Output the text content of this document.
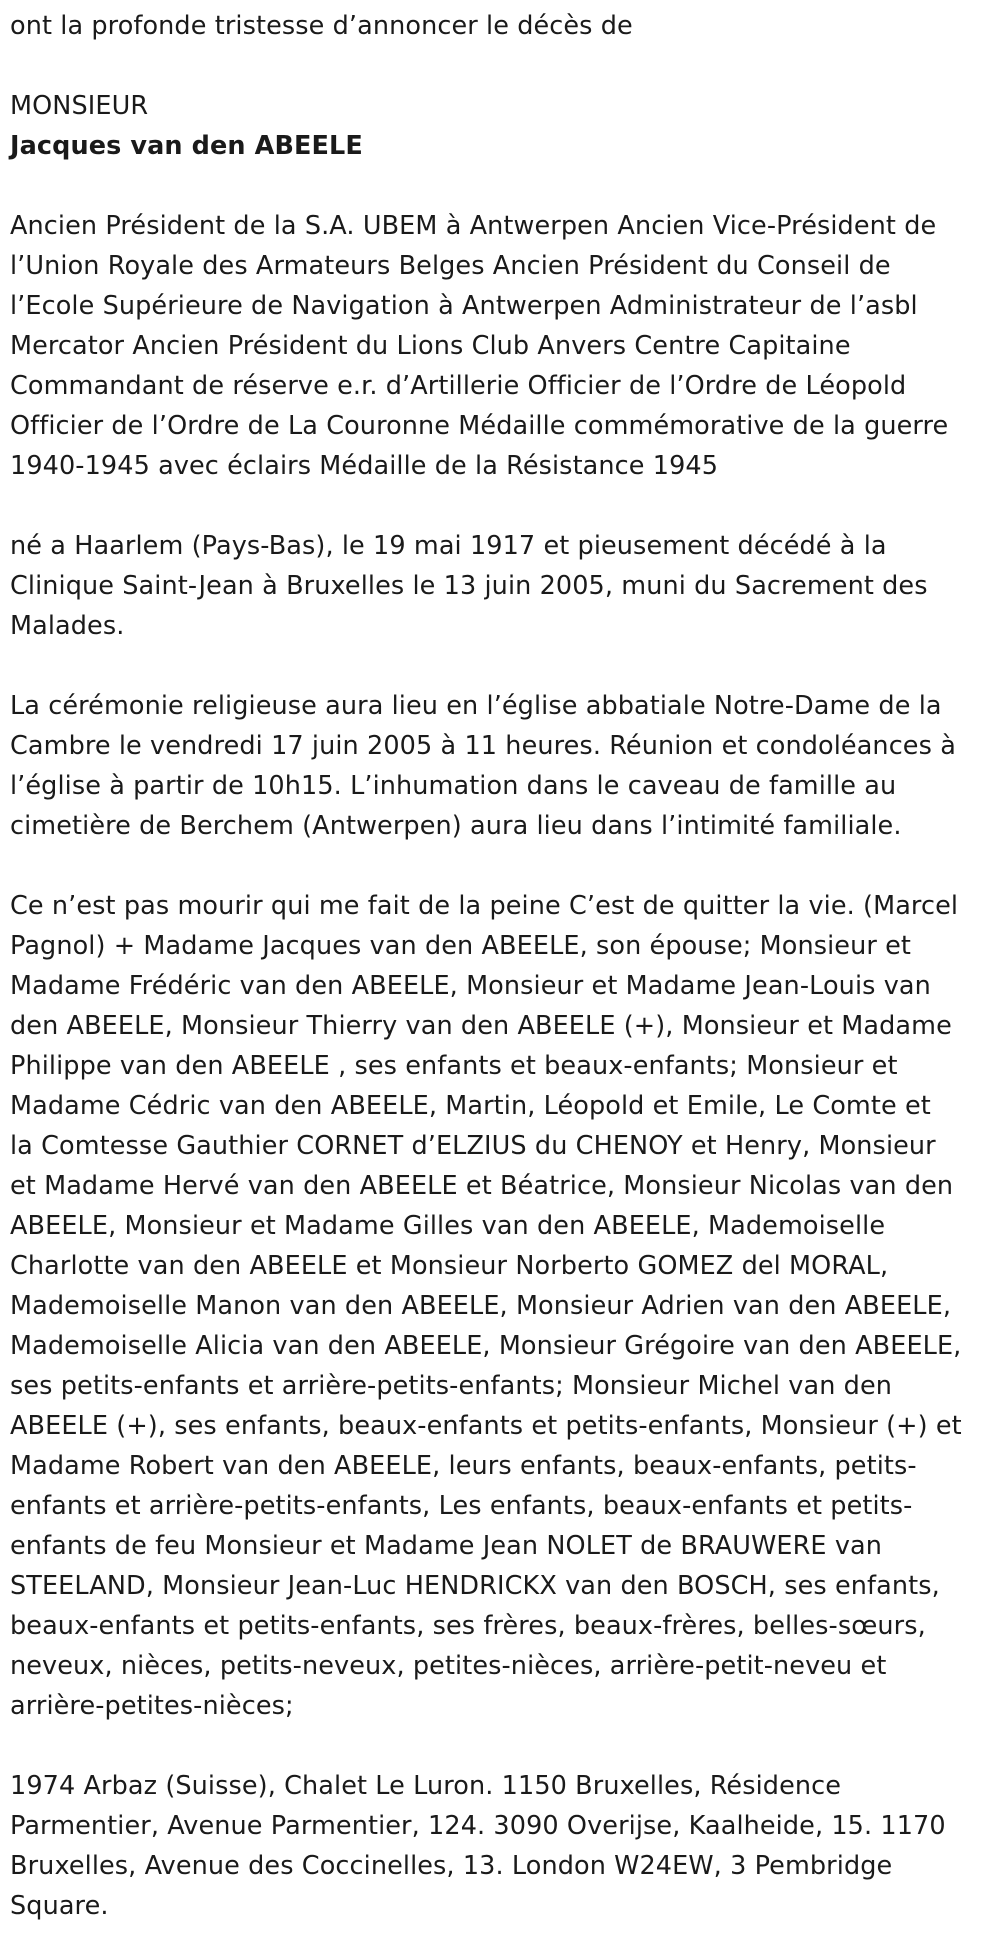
ont la profonde tristesse d’annoncer le décès de

MONSIEUR

Jacques van den ABEELE

Ancien Président de la S.A. UBEM à Antwerpen Ancien Vice-Président de
l’Union Royale des Armateurs Belges Ancien Président du Conseil de
l’Ecole Supérieure de Navigation à Antwerpen Administrateur de l’asbl
Mercator Ancien Président du Lions Club Anvers Centre Capitaine
Commandant de réserve e.r. d’Artillerie Officier de l’Ordre de Léopold
Officier de l’Ordre de La Couronne Médaille commémorative de la guerre
1940-1945 avec éclairs Médaille de la Résistance 1945

né a Haarlem (Pays-Bas), le 19 mai 1917 et pieusement décédé à la
Clinique Saint-Jean à Bruxelles le 13 juin 2005, muni du Sacrement des
Malades.

La cérémonie religieuse aura lieu en l’église abbatiale Notre-Dame de la
Cambre le vendredi 17 juin 2005 à 11 heures. Réunion et condoléances à
l’église à partir de 10h15. L’inhumation dans le caveau de famille au
cimetière de Berchem (Antwerpen) aura lieu dans l’intimité familiale.

Ce n’est pas mourir qui me fait de la peine C’est de quitter la vie. (Marcel
Pagnol) + Madame Jacques van den ABEELE, son épouse; Monsieur et
Madame Frédéric van den ABEELE, Monsieur et Madame Jean-Louis van
den ABEELE, Monsieur Thierry van den ABEELE (+), Monsieur et Madame
Philippe van den ABEELE , ses enfants et beaux-enfants; Monsieur et
Madame Cédric van den ABEELE, Martin, Léopold et Emile, Le Comte et
la Comtesse Gauthier CORNET d’ELZIUS du CHENOY et Henry, Monsieur
et Madame Hervé van den ABEELE et Béatrice, Monsieur Nicolas van den
ABEELE, Monsieur et Madame Gilles van den ABEELE, Mademoiselle
Charlotte van den ABEELE et Monsieur Norberto GOMEZ del MORAL,
Mademoiselle Manon van den ABEELE, Monsieur Adrien van den ABEELE,
Mademoiselle Alicia van den ABEELE, Monsieur Grégoire van den ABEELE,
ses petits-enfants et arrière-petits-enfants; Monsieur Michel van den
ABEELE (+), ses enfants, beaux-enfants et petits-enfants, Monsieur (+) et
Madame Robert van den ABEELE, leurs enfants, beaux-enfants, petits-
enfants et arrière-petits-enfants, Les enfants, beaux-enfants et petits-
enfants de feu Monsieur et Madame Jean NOLET de BRAUWERE van
STEELAND, Monsieur Jean-Luc HENDRICKX van den BOSCH, ses enfants,
beaux-enfants et petits-enfants, ses frères, beaux-frères, belles-sœurs,
neveux, nièces, petits-neveux, petites-nièces, arrière-petit-neveu et
arrière-petites-nièces;

1974 Arbaz (Suisse), Chalet Le Luron. 1150 Bruxelles, Résidence
Parmentier, Avenue Parmentier, 124. 3090 Overijse, Kaalheide, 15. 1170
Bruxelles, Avenue des Coccinelles, 13. London W24EW, 3 Pembridge
Square.
